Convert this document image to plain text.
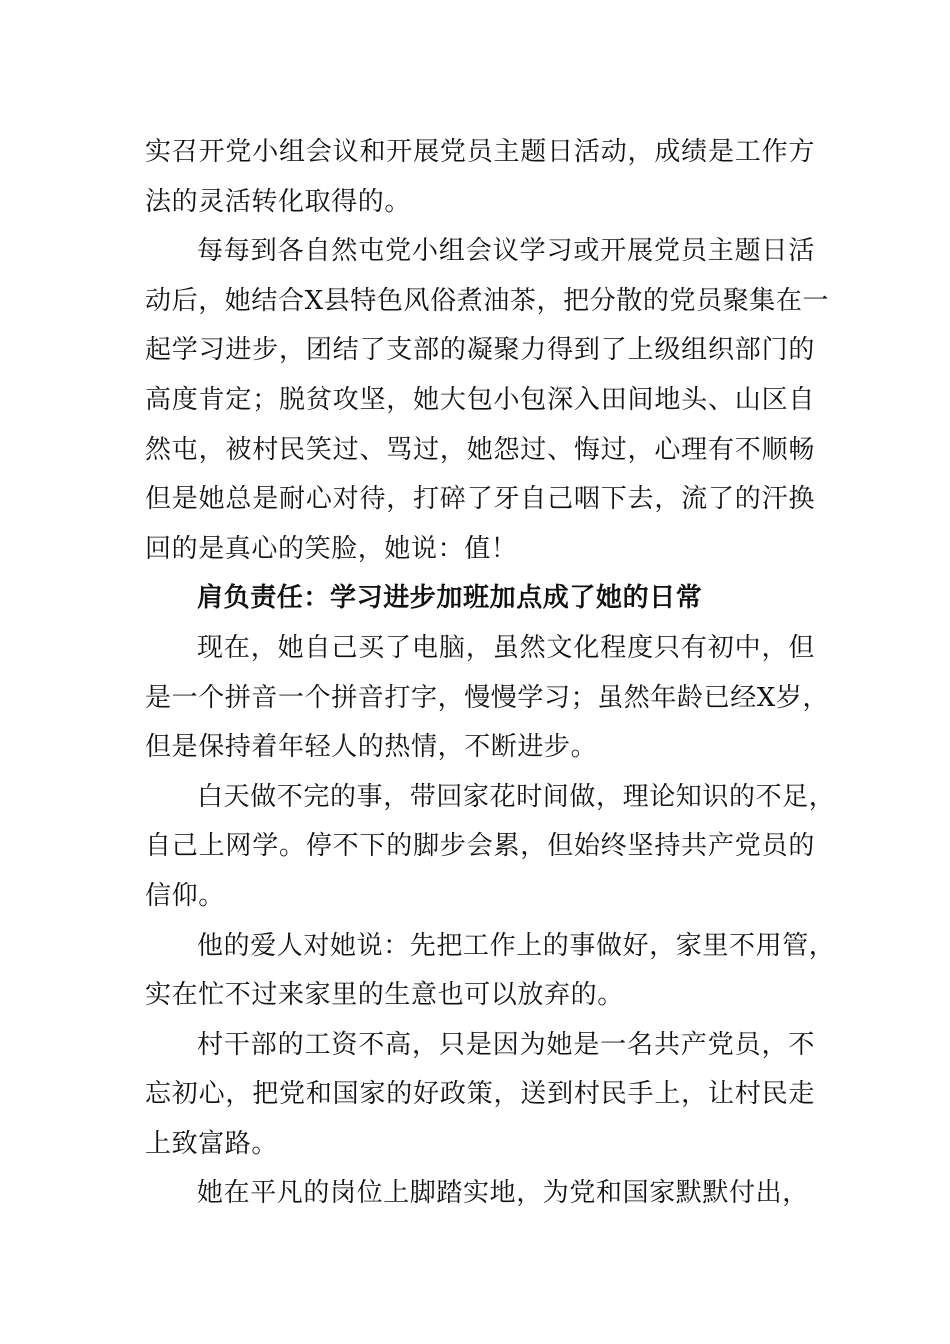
实召开党小组会议和开展党员主题日活动，成绩是工作方
法的灵活转化取得的。
每每到各自然屯党小组会议学习或开展党员主题日活
动后，她结合X县特色风俗煮油茶，把分散的党员聚集在一
起学习进步，团结了支部的凝聚力得到了上级组织部门的
高度肯定；脱贫攻坚，她大包小包深入田间地头、山区自
然屯，被村民笑过、骂过，她怨过、悔过，心理有不顺畅
但是她总是耐心对待，打碎了牙自己咽下去，流了的汗换
回的是真心的笑脸，她说：值！
肩负责任：学习进步加班加点成了她的日常
现在，她自己买了电脑，虽然文化程度只有初中，但
是一个拼音一个拼音打字，慢慢学习；虽然年龄已经X岁，
但是保持着年轻人的热情，不断进步。
白天做不完的事，带回家花时间做，理论知识的不足，
自己上网学。停不下的脚步会累，但始终坚持共产党员的
信仰。
他的爱人对她说：先把工作上的事做好，家里不用管，
实在忙不过来家里的生意也可以放弃的。
村干部的工资不高，只是因为她是一名共产党员，不
忘初心，把党和国家的好政策，送到村民手上，让村民走
上致富路。
她在平凡的岗位上脚踏实地，为党和国家默默付出，
